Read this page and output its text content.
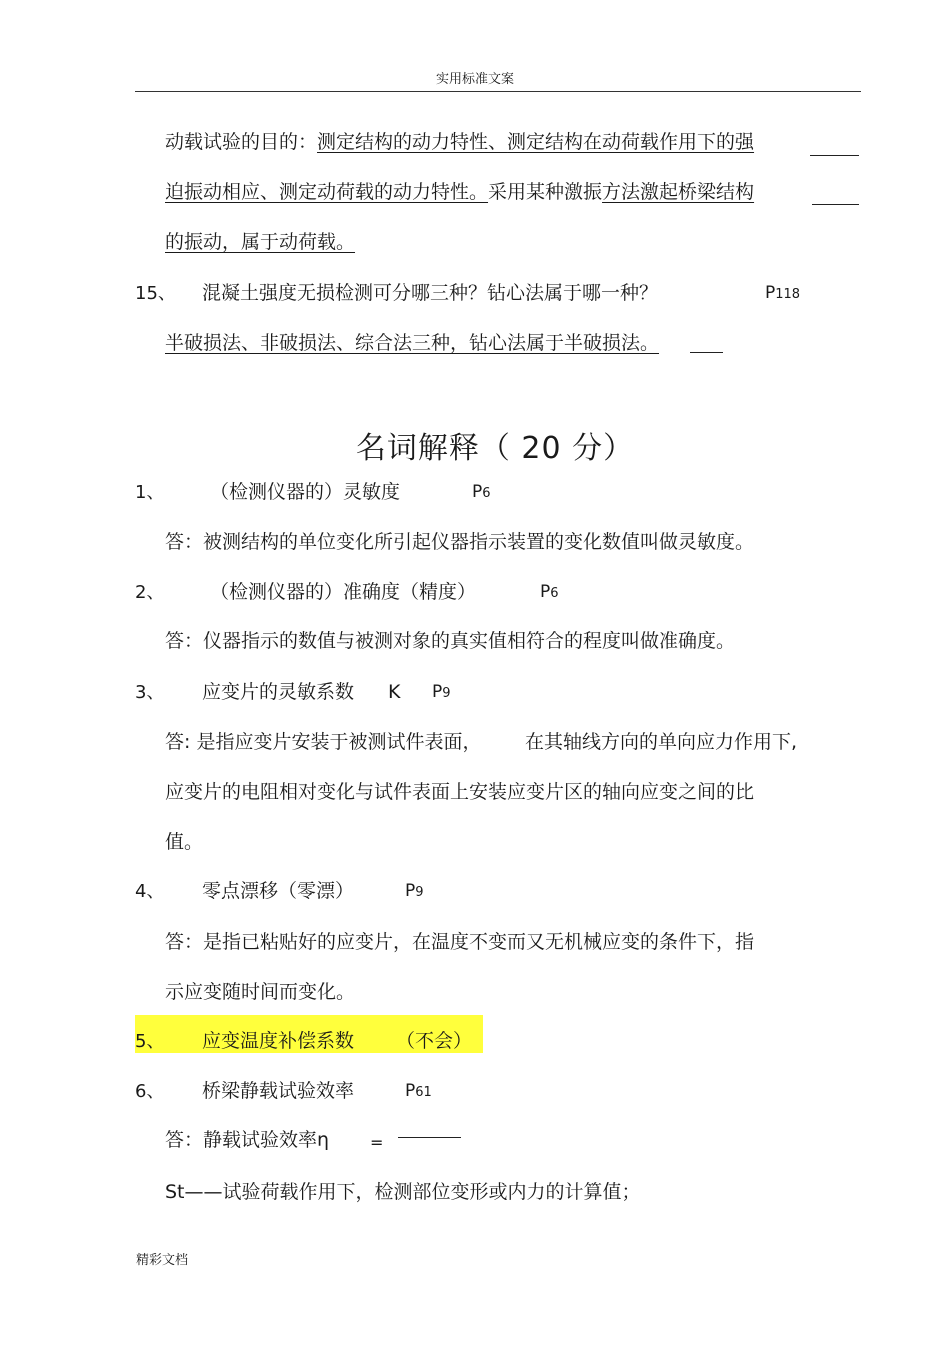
实用标准文案
动载试验的目的：测定结构的动力特性、测定结构在动荷载作用下的强
迫振动相应、测定动荷载的动力特性。采用某种激振方法激起桥梁结构
的振动，属于动荷载。
15、 混凝土强度无损检测可分哪三种？钻心法属于哪一种？	P118
半破损法、非破损法、综合法三种，钻心法属于半破损法。
名词解释（ 20 分）
1、 （检测仪器的）灵敏度	P6
答：被测结构的单位变化所引起仪器指示装置的变化数值叫做灵敏度。
2、 （检测仪器的）准确度（精度）	P6
答：仪器指示的数值与被测对象的真实值相符合的程度叫做准确度。
3、 应变片的灵敏系数 K P9
答: 是指应变片安装于被测试件表面， 在其轴线方向的单向应力作用下,
应变片的电阻相对变化与试件表面上安装应变片区的轴向应变之间的比
值。
4、 零点漂移（零漂）	P9
答：是指已粘贴好的应变片，在温度不变而又无机械应变的条件下，指
示应变随时间而变化。
5、 应变温度补偿系数 （不会）
6、 桥梁静载试验效率	P61
答：静载试验效率η	=
St——试验荷载作用下，检测部位变形或内力的计算值；
精彩文档
